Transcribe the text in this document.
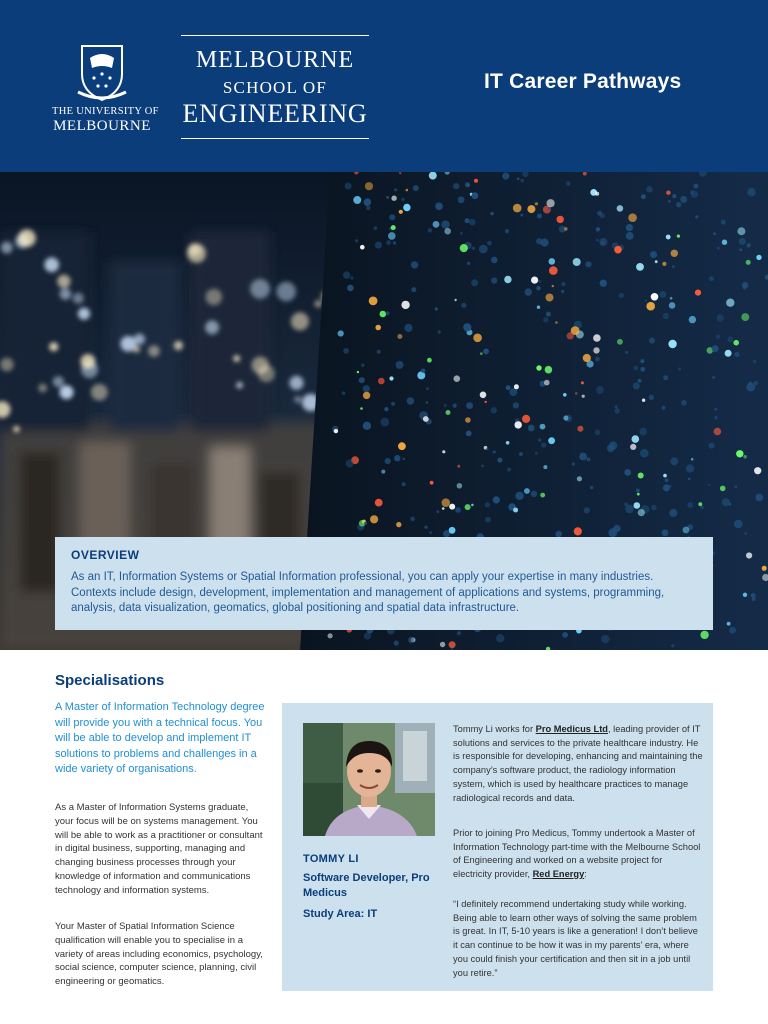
THE UNIVERSITY OF
MELBOURNE
MELBOURNE
SCHOOL OF
ENGINEERING
IT Career Pathways
OVERVIEW
As an IT, Information Systems or Spatial Information professional, you can apply your expertise in many industries. Contexts include design, development, implementation and management of applications and systems, programming, analysis, data visualization, geomatics, global positioning and spatial data infrastructure.
Specialisations
A Master of Information Technology degree will provide you with a technical focus. You will be able to develop and implement IT solutions to problems and challenges in a wide variety of organisations.
As a Master of Information Systems graduate, your focus will be on systems management. You will be able to work as a practitioner or consultant in digital business, supporting, managing and changing business processes through your knowledge of information and communications technology and information systems.
Your Master of Spatial Information Science qualification will enable you to specialise in a variety of areas including economics, psychology, social science, computer science, planning, civil engineering or geomatics.
TOMMY LI
Software Developer, Pro Medicus
Study Area: IT
Tommy Li works for Pro Medicus Ltd, leading provider of IT solutions and services to the private healthcare industry. He is responsible for developing, enhancing and maintaining the company’s software product, the radiology information system, which is used by healthcare practices to manage radiological records and data.
Prior to joining Pro Medicus, Tommy undertook a Master of Information Technology part-time with the Melbourne School of Engineering and worked on a website project for electricity provider, Red Energy:
“I definitely recommend undertaking study while working. Being able to learn other ways of solving the same problem is great. In IT, 5-10 years is like a generation! I don’t believe it can continue to be how it was in my parents’ era, where you could finish your certification and then sit in a job until you retire.”
